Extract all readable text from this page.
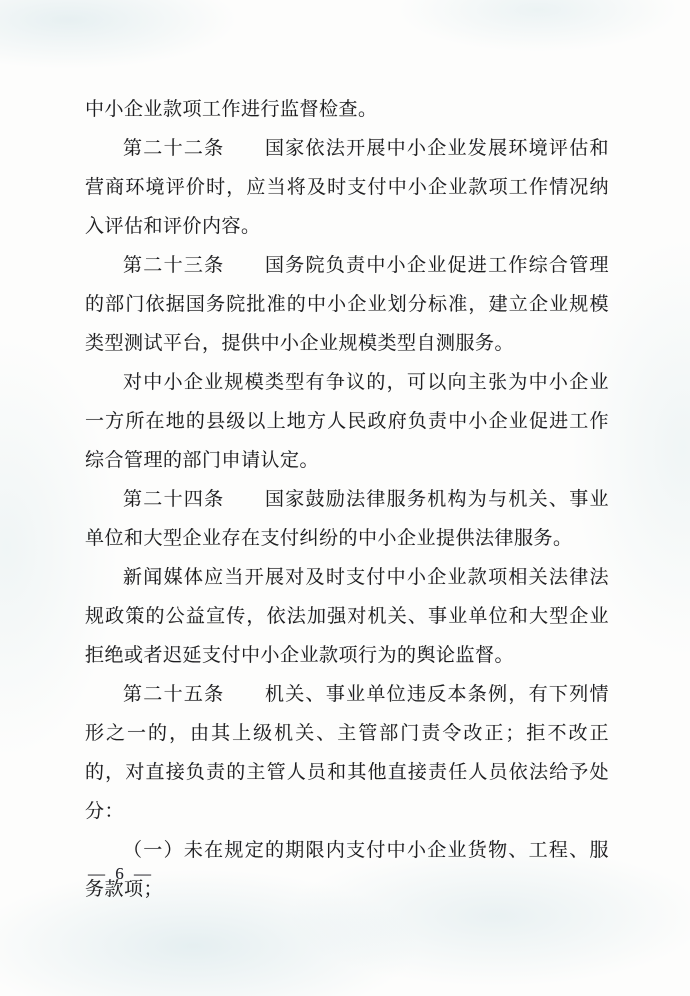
中小企业款项工作进行监督检查。

第二十二条　　国家依法开展中小企业发展环境评估和营商环境评价时，应当将及时支付中小企业款项工作情况纳入评估和评价内容。

第二十三条　　国务院负责中小企业促进工作综合管理的部门依据国务院批准的中小企业划分标准，建立企业规模类型测试平台，提供中小企业规模类型自测服务。

对中小企业规模类型有争议的，可以向主张为中小企业一方所在地的县级以上地方人民政府负责中小企业促进工作综合管理的部门申请认定。

第二十四条　　国家鼓励法律服务机构为与机关、事业单位和大型企业存在支付纠纷的中小企业提供法律服务。

新闻媒体应当开展对及时支付中小企业款项相关法律法规政策的公益宣传，依法加强对机关、事业单位和大型企业拒绝或者迟延支付中小企业款项行为的舆论监督。

第二十五条　　机关、事业单位违反本条例，有下列情形之一的，由其上级机关、主管部门责令改正；拒不改正的，对直接负责的主管人员和其他直接责任人员依法给予处分：

（一）未在规定的期限内支付中小企业货物、工程、服务款项；

— 6 —
